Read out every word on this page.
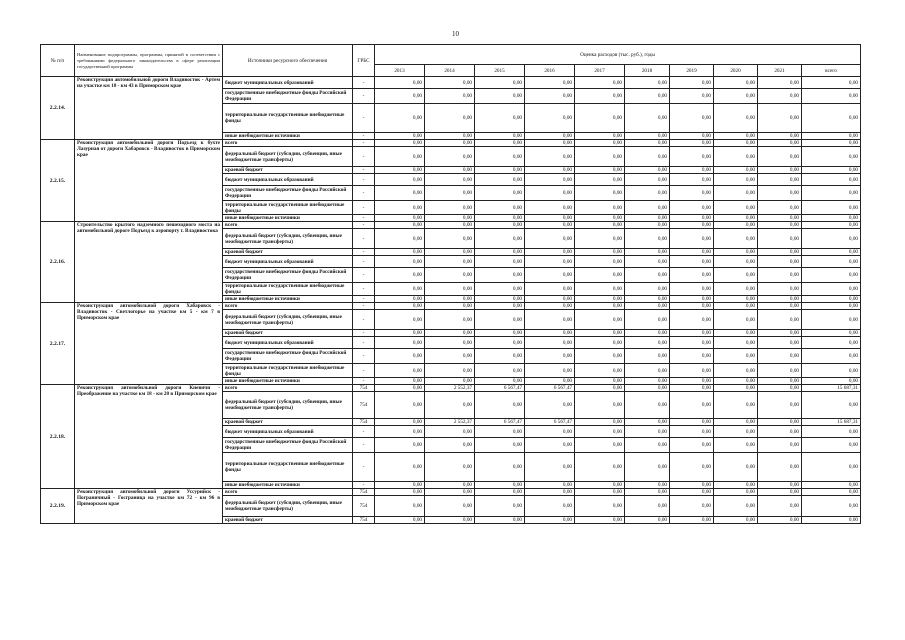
10
№ п/п	Наименование подпрограммы, программы, принятой в соответствии с требованиями федерального законодательства в сфере реализации государственной программы	Источники ресурсного обеспечения	ГРБС	Оценка расходов (тыс. руб.), годы									
				2013	2014	2015	2016	2017	2018	2019	2020	2021	всего
2.2.14.	Реконструкция автомобильной дороги Владивосток - Артем на участке км 18 - км 43 в Приморском крае	бюджет муниципальных образований	-	0,00	0,00	0,00	0,00	0,00	0,00	0,00	0,00	0,00	0,00
		государственные внебюджетные фонды Российской Федерации	-	0,00	0,00	0,00	0,00	0,00	0,00	0,00	0,00	0,00	0,00
		территориальные государственные внебюджетные фонды	-	0,00	0,00	0,00	0,00	0,00	0,00	0,00	0,00	0,00	0,00
		иные внебюджетные источники	-	0,00	0,00	0,00	0,00	0,00	0,00	0,00	0,00	0,00	0,00
2.2.15.	Реконструкция автомобильной дороги Подъезд к бухте Лазурная от дороги Хабаровск - Владивосток в Приморском крае	всего	-	0,00	0,00	0,00	0,00	0,00	0,00	0,00	0,00	0,00	0,00
		федеральный бюджет (субсидии, субвенции, иные межбюджетные трансферты)	-	0,00	0,00	0,00	0,00	0,00	0,00	0,00	0,00	0,00	0,00
		краевой бюджет	-	0,00	0,00	0,00	0,00	0,00	0,00	0,00	0,00	0,00	0,00
		бюджет муниципальных образований	-	0,00	0,00	0,00	0,00	0,00	0,00	0,00	0,00	0,00	0,00
		государственные внебюджетные фонды Российской Федерации	-	0,00	0,00	0,00	0,00	0,00	0,00	0,00	0,00	0,00	0,00
		территориальные государственные внебюджетные фонды	-	0,00	0,00	0,00	0,00	0,00	0,00	0,00	0,00	0,00	0,00
		иные внебюджетные источники	-	0,00	0,00	0,00	0,00	0,00	0,00	0,00	0,00	0,00	0,00
2.2.16.	Строительство крытого надземного пешеходного моста на автомобильной дороге Подъезд к аэропорту г. Владивостока	всего	-	0,00	0,00	0,00	0,00	0,00	0,00	0,00	0,00	0,00	0,00
		федеральный бюджет (субсидии, субвенции, иные межбюджетные трансферты)	-	0,00	0,00	0,00	0,00	0,00	0,00	0,00	0,00	0,00	0,00
		краевой бюджет	-	0,00	0,00	0,00	0,00	0,00	0,00	0,00	0,00	0,00	0,00
		бюджет муниципальных образований	-	0,00	0,00	0,00	0,00	0,00	0,00	0,00	0,00	0,00	0,00
		государственные внебюджетные фонды Российской Федерации	-	0,00	0,00	0,00	0,00	0,00	0,00	0,00	0,00	0,00	0,00
		территориальные государственные внебюджетные фонды	-	0,00	0,00	0,00	0,00	0,00	0,00	0,00	0,00	0,00	0,00
		иные внебюджетные источники	-	0,00	0,00	0,00	0,00	0,00	0,00	0,00	0,00	0,00	0,00
2.2.17.	Реконструкция автомобильной дороги Хабаровск - Владивосток - Светлогорье на участке км 5 - км 7 в Приморском крае	всего	-	0,00	0,00	0,00	0,00	0,00	0,00	0,00	0,00	0,00	0,00
		федеральный бюджет (субсидии, субвенции, иные межбюджетные трансферты)	-	0,00	0,00	0,00	0,00	0,00	0,00	0,00	0,00	0,00	0,00
		краевой бюджет	-	0,00	0,00	0,00	0,00	0,00	0,00	0,00	0,00	0,00	0,00
		бюджет муниципальных образований	-	0,00	0,00	0,00	0,00	0,00	0,00	0,00	0,00	0,00	0,00
		государственные внебюджетные фонды Российской Федерации	-	0,00	0,00	0,00	0,00	0,00	0,00	0,00	0,00	0,00	0,00
		территориальные государственные внебюджетные фонды	-	0,00	0,00	0,00	0,00	0,00	0,00	0,00	0,00	0,00	0,00
		иные внебюджетные источники	-	0,00	0,00	0,00	0,00	0,00	0,00	0,00	0,00	0,00	0,00
2.2.18.	Реконструкция автомобильной дороги Кневичи - Преображение на участке км 18 - км 20 в Приморском крае	всего	754	0,00	2 552,37	6 567,47	6 567,47	0,00	0,00	0,00	0,00	0,00	15 687,31
		федеральный бюджет (субсидии, субвенции, иные межбюджетные трансферты)	754	0,00	0,00	0,00	0,00	0,00	0,00	0,00	0,00	0,00	0,00
		краевой бюджет	754	0,00	2 552,37	6 567,47	6 567,47	0,00	0,00	0,00	0,00	0,00	15 687,31
		бюджет муниципальных образований	-	0,00	0,00	0,00	0,00	0,00	0,00	0,00	0,00	0,00	0,00
		государственные внебюджетные фонды Российской Федерации	-	0,00	0,00	0,00	0,00	0,00	0,00	0,00	0,00	0,00	0,00
		территориальные государственные внебюджетные фонды	-	0,00	0,00	0,00	0,00	0,00	0,00	0,00	0,00	0,00	0,00
		иные внебюджетные источники	-	0,00	0,00	0,00	0,00	0,00	0,00	0,00	0,00	0,00	0,00
2.2.19.	Реконструкция автомобильной дороги Уссурийск - Пограничный - Госграница на участке км 72 - км 96 в Приморском крае	всего	754	0,00	0,00	0,00	0,00	0,00	0,00	0,00	0,00	0,00	0,00
		федеральный бюджет (субсидии, субвенции, иные межбюджетные трансферты)	754	0,00	0,00	0,00	0,00	0,00	0,00	0,00	0,00	0,00	0,00
		краевой бюджет	754	0,00	0,00	0,00	0,00	0,00	0,00	0,00	0,00	0,00	0,00
